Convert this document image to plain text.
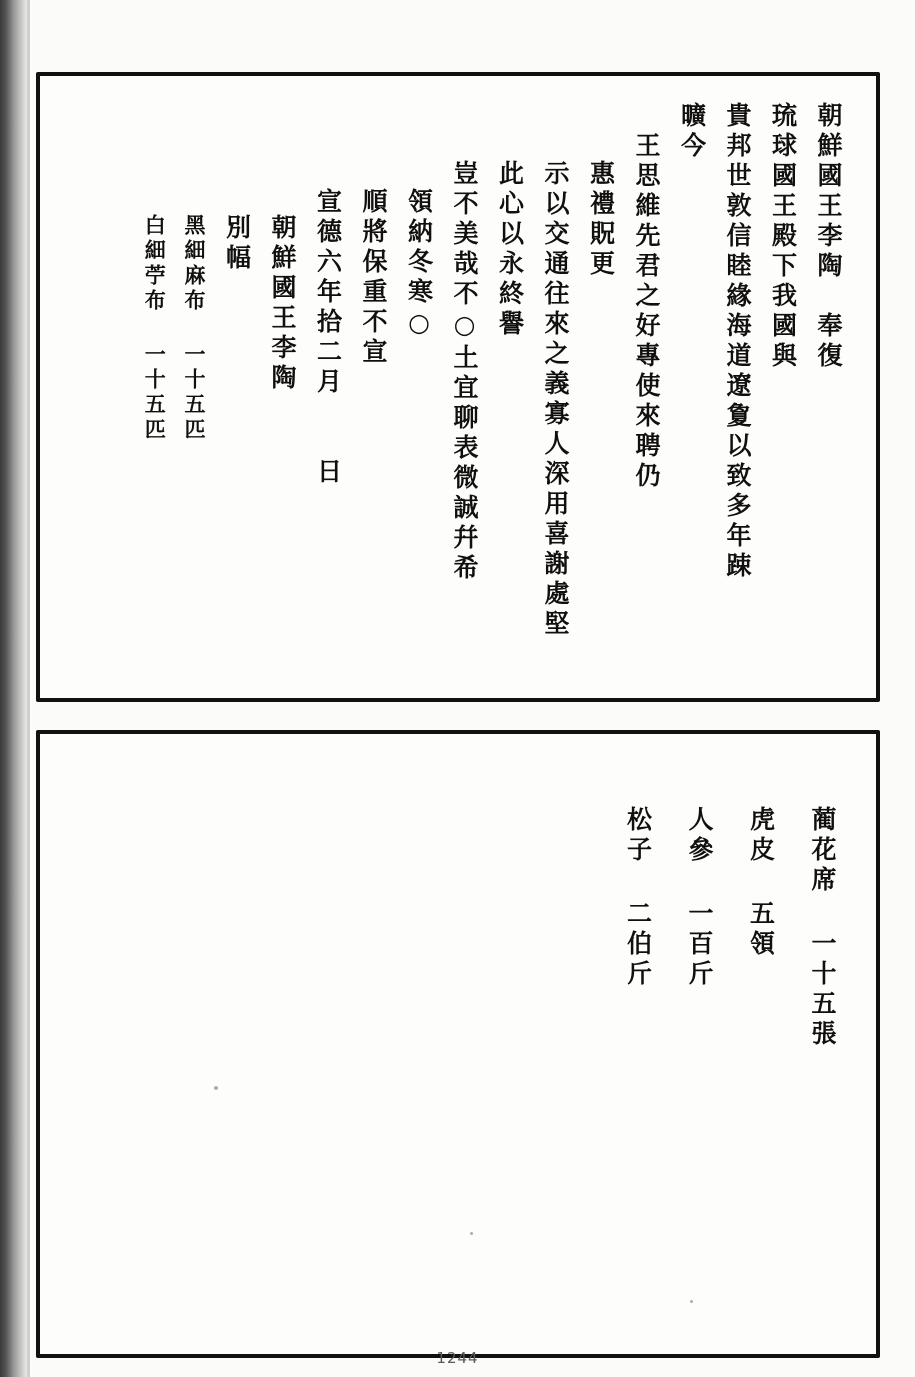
朝鮮國王李陶　奉復
琉球國王殿下我國與
貴邦世敦信睦緣海道遼夐以致多年踈
曠今
王思維先君之好專使來聘仍
惠禮貺更
示以交通往來之義寡人深用喜謝處堅
此心以永終譽
豈不美哉不○土宜聊表微誠幷希
領納冬寒○
順將保重不宣
宣德六年拾二月　　日
朝鮮國王李陶
別幅
黑細麻布 一十五匹
白細苧布 一十五匹
蔺花席 一十五張
虎皮 五領
人參 一百斤
松子 二伯斤
1244
